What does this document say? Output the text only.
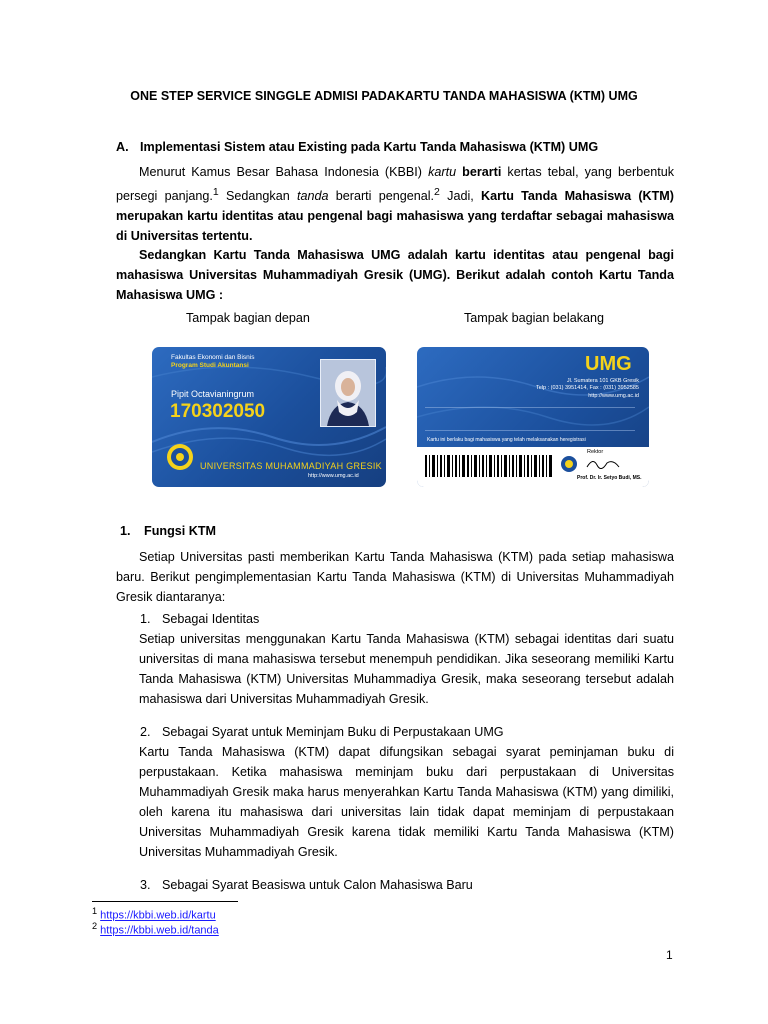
ONE STEP SERVICE SINGGLE ADMISI PADAKARTU TANDA MAHASISWA (KTM) UMG
A. Implementasi Sistem atau Existing pada Kartu Tanda Mahasiswa (KTM) UMG
Menurut Kamus Besar Bahasa Indonesia (KBBI) kartu berarti kertas tebal, yang berbentuk persegi panjang.$^1$ Sedangkan tanda berarti pengenal.$^2$ Jadi, Kartu Tanda Mahasiswa (KTM) merupakan kartu identitas atau pengenal bagi mahasiswa yang terdaftar sebagai mahasiswa di Universitas tertentu.
Sedangkan Kartu Tanda Mahasiswa UMG adalah kartu identitas atau pengenal bagi mahasiswa Universitas Muhammadiyah Gresik (UMG). Berikut adalah contoh Kartu Tanda Mahasiswa UMG :
Tampak bagian depan	Tampak bagian belakang
Fakultas Ekonomi dan Bisnis
Program Studi Akuntansi
Pipit Octavianingrum
170302050
UNIVERSITAS MUHAMMADIYAH GRESIK
http://www.umg.ac.id
UMG
Jl. Sumatera 101 GKB Gresik
Telp : (031) 3951414, Fax : (031) 3952585
http://www.umg.ac.id
Kartu ini berlaku bagi mahasiswa yang telah melaksanakan heregistrasi
Rektor
Prof. Dr. Ir. Setyo Budi, MS.
1. Fungsi KTM
Setiap Universitas pasti memberikan Kartu Tanda Mahasiswa (KTM) pada setiap mahasiswa baru. Berikut pengimplementasian Kartu Tanda Mahasiswa (KTM) di Universitas Muhammadiyah Gresik diantaranya:
1. Sebagai Identitas
Setiap universitas menggunakan Kartu Tanda Mahasiswa (KTM) sebagai identitas dari suatu universitas di mana mahasiswa tersebut menempuh pendidikan. Jika seseorang memiliki Kartu Tanda Mahasiswa (KTM) Universitas Muhammadiya Gresik, maka seseorang tersebut adalah mahasiswa dari Universitas Muhammadiyah Gresik.
2. Sebagai Syarat untuk Meminjam Buku di Perpustakaan UMG
Kartu Tanda Mahasiswa (KTM) dapat difungsikan sebagai syarat peminjaman buku di perpustakaan. Ketika mahasiswa meminjam buku dari perpustakaan di Universitas Muhammadiyah Gresik maka harus menyerahkan Kartu Tanda Mahasiswa (KTM) yang dimiliki, oleh karena itu mahasiswa dari universitas lain tidak dapat meminjam di perpustakaan Universitas Muhammadiyah Gresik karena tidak memiliki Kartu Tanda Mahasiswa (KTM) Universitas Muhammadiyah Gresik.
3. Sebagai Syarat Beasiswa untuk Calon Mahasiswa Baru
$^1$ https://kbbi.web.id/kartu
$^2$ https://kbbi.web.id/tanda
1
